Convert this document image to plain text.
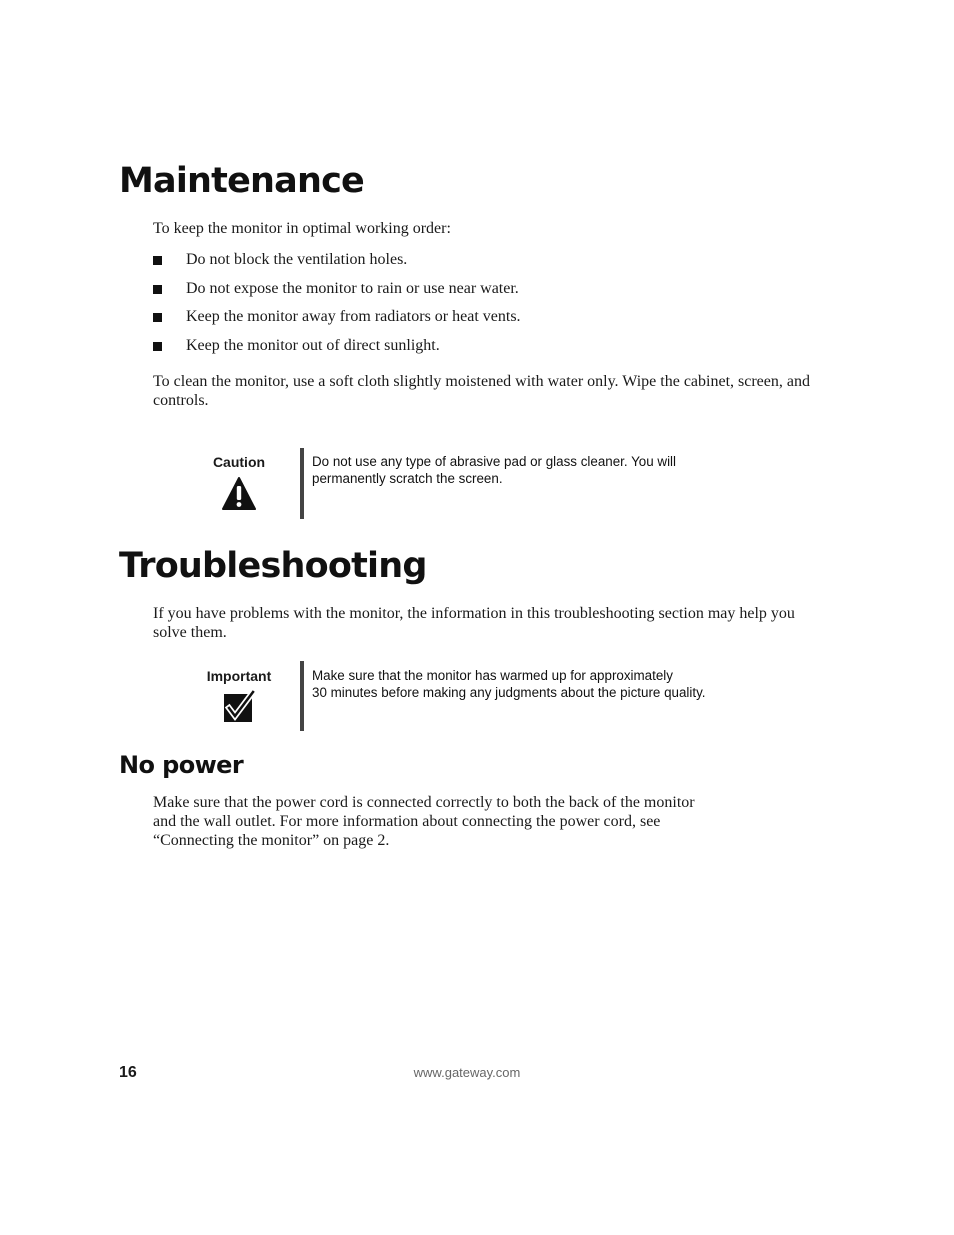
Maintenance

To keep the monitor in optimal working order:

Do not block the ventilation holes.
Do not expose the monitor to rain or use near water.
Keep the monitor away from radiators or heat vents.
Keep the monitor out of direct sunlight.

To clean the monitor, use a soft cloth slightly moistened with water only. Wipe the cabinet, screen, and controls.

Caution	Do not use any type of abrasive pad or glass cleaner. You will
permanently scratch the screen.
Troubleshooting

If you have problems with the monitor, the information in this troubleshooting section may help you solve them.

Important	Make sure that the monitor has warmed up for approximately
30 minutes before making any judgments about the picture quality.
No power
Make sure that the power cord is connected correctly to both the back of the monitor
and the wall outlet. For more information about connecting the power cord, see
“Connecting the monitor” on page 2.
16	www.gateway.com
